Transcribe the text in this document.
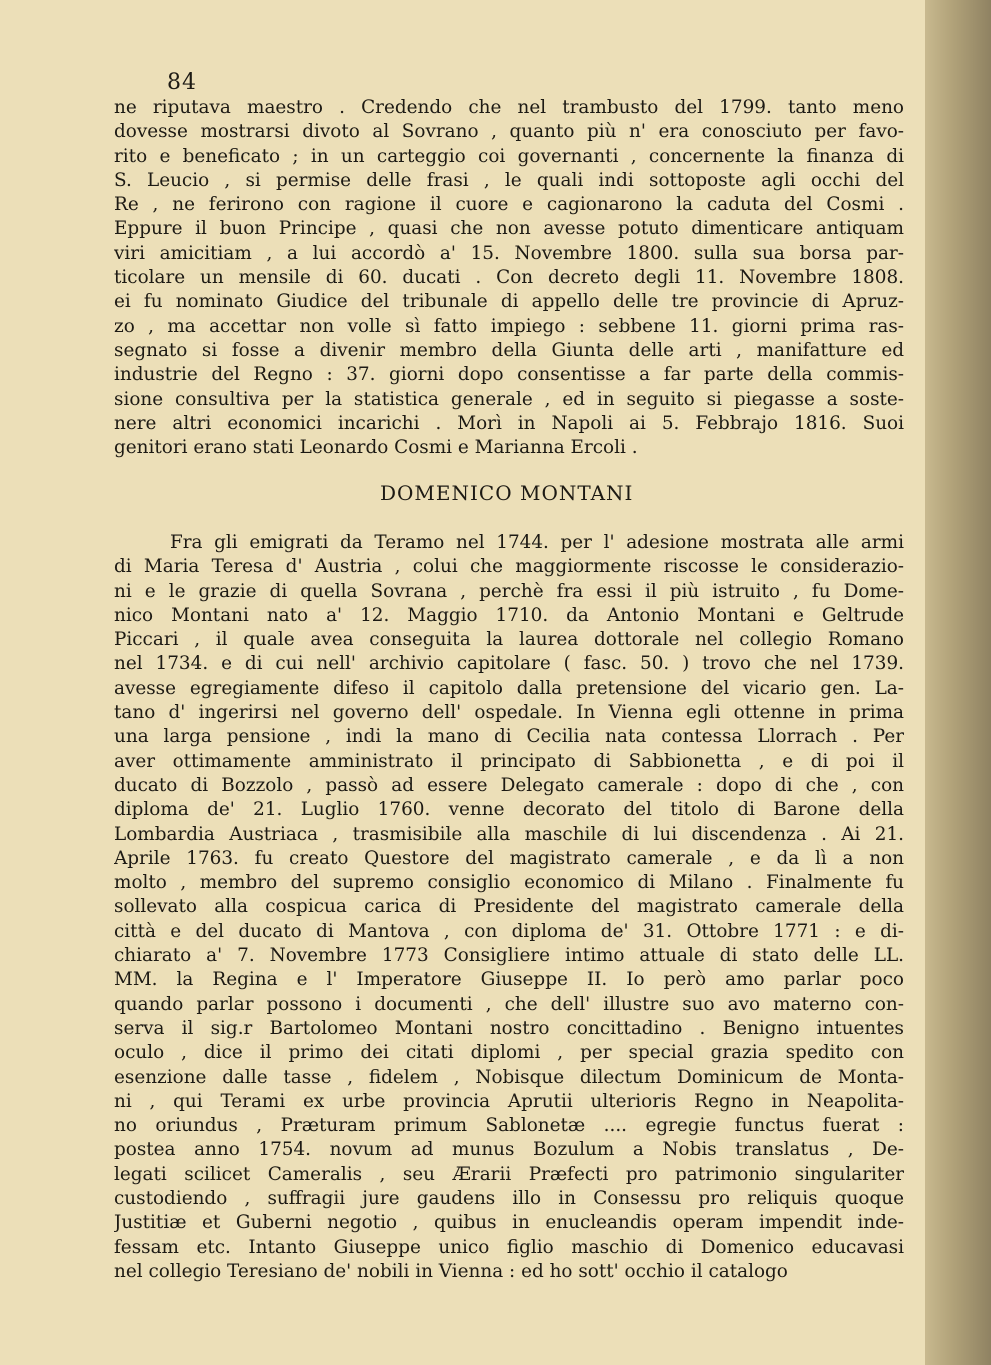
84
ne riputava maestro . Credendo che nel trambusto del 1799. tanto meno
dovesse mostrarsi divoto al Sovrano , quanto più n' era conosciuto per favo-
rito e beneficato ; in un carteggio coi governanti , concernente la finanza di
S. Leucio , si permise delle frasi , le quali indi sottoposte agli occhi del
Re , ne ferirono con ragione il cuore e cagionarono la caduta del Cosmi .
Eppure il buon Principe , quasi che non avesse potuto dimenticare antiquam
viri amicitiam , a lui accordò a' 15. Novembre 1800. sulla sua borsa par-
ticolare un mensile di 60. ducati . Con decreto degli 11. Novembre 1808.
ei fu nominato Giudice del tribunale di appello delle tre provincie di Apruz-
zo , ma accettar non volle sì fatto impiego : sebbene 11. giorni prima ras-
segnato si fosse a divenir membro della Giunta delle arti , manifatture ed
industrie del Regno : 37. giorni dopo consentisse a far parte della commis-
sione consultiva per la statistica generale , ed in seguito si piegasse a soste-
nere altri economici incarichi . Morì in Napoli ai 5. Febbrajo 1816. Suoi
genitori erano stati Leonardo Cosmi e Marianna Ercoli .
DOMENICO MONTANI
Fra gli emigrati da Teramo nel 1744. per l' adesione mostrata alle armi
di Maria Teresa d' Austria , colui che maggiormente riscosse le considerazio-
ni e le grazie di quella Sovrana , perchè fra essi il più istruito , fu Dome-
nico Montani nato a' 12. Maggio 1710. da Antonio Montani e Geltrude
Piccari , il quale avea conseguita la laurea dottorale nel collegio Romano
nel 1734. e di cui nell' archivio capitolare ( fasc. 50. ) trovo che nel 1739.
avesse egregiamente difeso il capitolo dalla pretensione del vicario gen. La-
tano d' ingerirsi nel governo dell' ospedale. In Vienna egli ottenne in prima
una larga pensione , indi la mano di Cecilia nata contessa Llorrach . Per
aver ottimamente amministrato il principato di Sabbionetta , e di poi il
ducato di Bozzolo , passò ad essere Delegato camerale : dopo di che , con
diploma de' 21. Luglio 1760. venne decorato del titolo di Barone della
Lombardia Austriaca , trasmisibile alla maschile di lui discendenza . Ai 21.
Aprile 1763. fu creato Questore del magistrato camerale , e da lì a non
molto , membro del supremo consiglio economico di Milano . Finalmente fu
sollevato alla cospicua carica di Presidente del magistrato camerale della
città e del ducato di Mantova , con diploma de' 31. Ottobre 1771 : e di-
chiarato a' 7. Novembre 1773 Consigliere intimo attuale di stato delle LL.
MM. la Regina e l' Imperatore Giuseppe II. Io però amo parlar poco
quando parlar possono i documenti , che dell' illustre suo avo materno con-
serva il sig.r Bartolomeo Montani nostro concittadino . Benigno intuentes
oculo , dice il primo dei citati diplomi , per special grazia spedito con
esenzione dalle tasse , fidelem , Nobisque dilectum Dominicum de Monta-
ni , qui Terami ex urbe provincia Aprutii ulterioris Regno in Neapolita-
no oriundus , Præturam primum Sablonetæ .... egregie functus fuerat :
postea anno 1754. novum ad munus Bozulum a Nobis translatus , De-
legati scilicet Cameralis , seu Ærarii Præfecti pro patrimonio singulariter
custodiendo , suffragii jure gaudens illo in Consessu pro reliquis quoque
Justitiæ et Guberni negotio , quibus in enucleandis operam impendit inde-
fessam etc. Intanto Giuseppe unico figlio maschio di Domenico educavasi
nel collegio Teresiano de' nobili in Vienna : ed ho sott' occhio il catalogo
